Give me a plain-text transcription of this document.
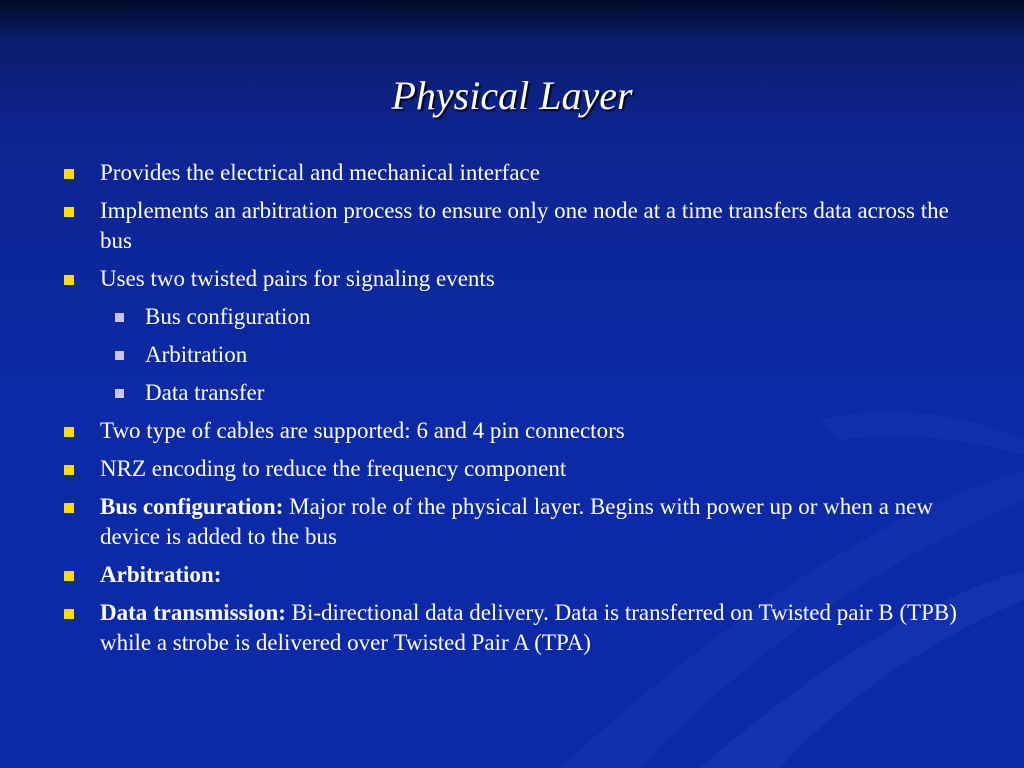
Physical Layer
Provides the electrical and mechanical interface
Implements an arbitration process to ensure only one node at a time transfers data across the bus
Uses two twisted pairs for signaling events
Bus configuration
Arbitration
Data transfer
Two type of cables are supported: 6 and 4 pin connectors
NRZ encoding to reduce the frequency component
Bus configuration: Major role of the physical layer. Begins with power up or when a new device is added to the bus
Arbitration:
Data transmission: Bi-directional data delivery. Data is transferred on Twisted pair B (TPB) while a strobe is delivered over Twisted Pair A (TPA)
